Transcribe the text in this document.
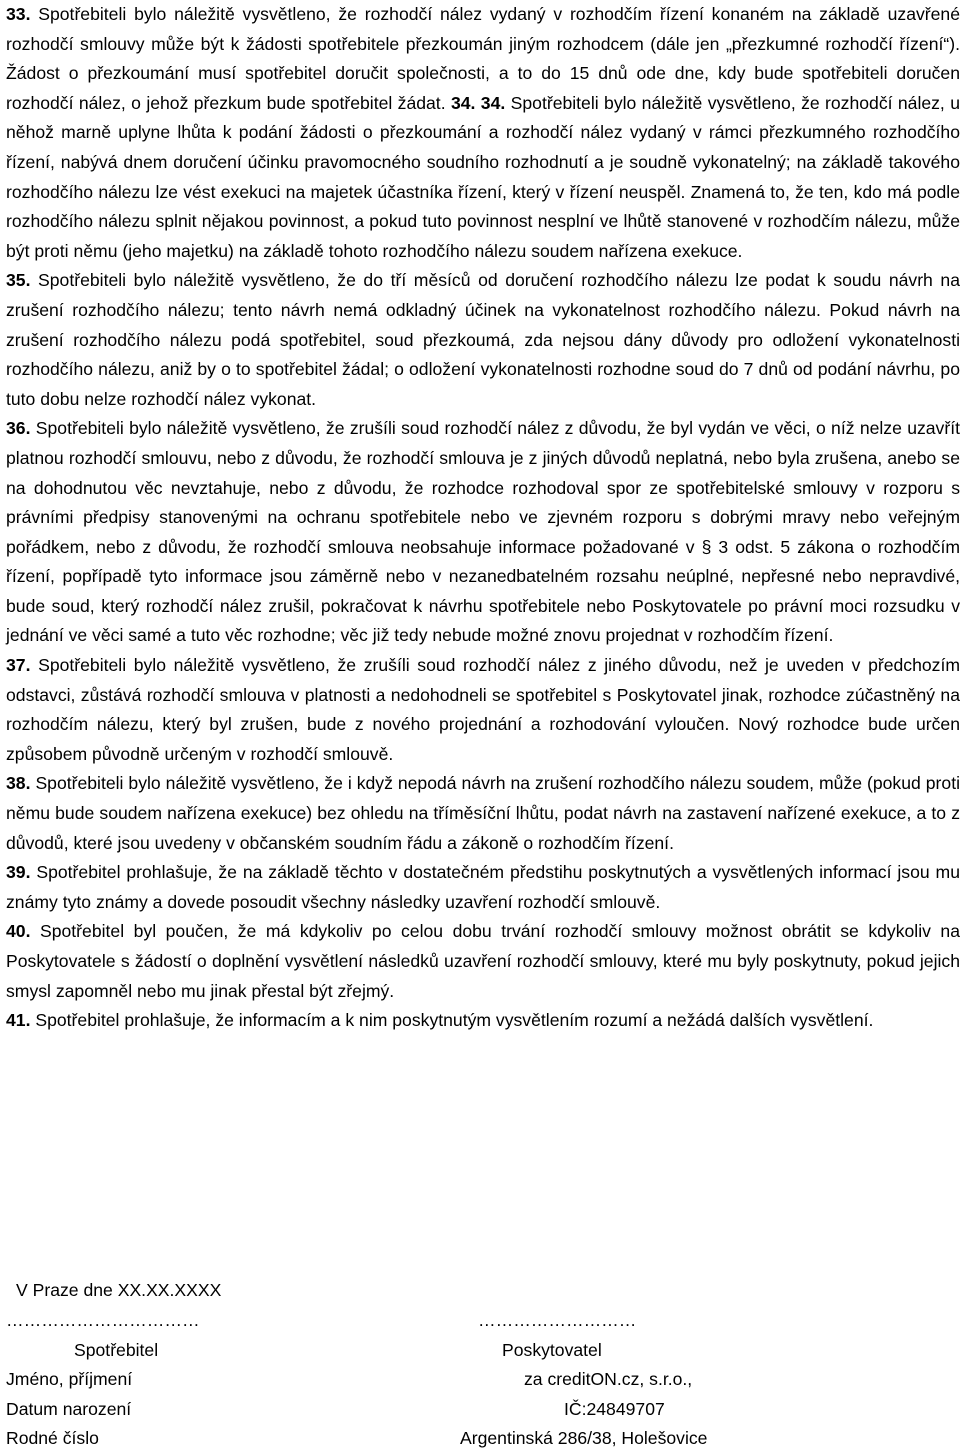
33. Spotřebiteli bylo náležitě vysvětleno, že rozhodčí nález vydaný v rozhodčím řízení konaném na základě uzavřené rozhodčí smlouvy může být k žádosti spotřebitele přezkoumán jiným rozhodcem (dále jen „přezkumné rozhodčí řízení“). Žádost o přezkoumání musí spotřebitel doručit společnosti, a to do 15 dnů ode dne, kdy bude spotřebiteli doručen rozhodčí nález, o jehož přezkum bude spotřebitel žádat. 34. 34. Spotřebiteli bylo náležitě vysvětleno, že rozhodčí nález, u něhož marně uplyne lhůta k podání žádosti o přezkoumání a rozhodčí nález vydaný v rámci přezkumného rozhodčího řízení, nabývá dnem doručení účinku pravomocného soudního rozhodnutí a je soudně vykonatelný; na základě takového rozhodčího nálezu lze vést exekuci na majetek účastníka řízení, který v řízení neuspěl. Znamená to, že ten, kdo má podle rozhodčího nálezu splnit nějakou povinnost, a pokud tuto povinnost nesplní ve lhůtě stanovené v rozhodčím nálezu, může být proti němu (jeho majetku) na základě tohoto rozhodčího nálezu soudem nařízena exekuce.

35. Spotřebiteli bylo náležitě vysvětleno, že do tří měsíců od doručení rozhodčího nálezu lze podat k soudu návrh na zrušení rozhodčího nálezu; tento návrh nemá odkladný účinek na vykonatelnost rozhodčího nálezu. Pokud návrh na zrušení rozhodčího nálezu podá spotřebitel, soud přezkoumá, zda nejsou dány důvody pro odložení vykonatelnosti rozhodčího nálezu, aniž by o to spotřebitel žádal; o odložení vykonatelnosti rozhodne soud do 7 dnů od podání návrhu, po tuto dobu nelze rozhodčí nález vykonat.

36. Spotřebiteli bylo náležitě vysvětleno, že zrušíli soud rozhodčí nález z důvodu, že byl vydán ve věci, o níž nelze uzavřít platnou rozhodčí smlouvu, nebo z důvodu, že rozhodčí smlouva je z jiných důvodů neplatná, nebo byla zrušena, anebo se na dohodnutou věc nevztahuje, nebo z důvodu, že rozhodce rozhodoval spor ze spotřebitelské smlouvy v rozporu s právními předpisy stanovenými na ochranu spotřebitele nebo ve zjevném rozporu s dobrými mravy nebo veřejným pořádkem, nebo z důvodu, že rozhodčí smlouva neobsahuje informace požadované v § 3 odst. 5 zákona o rozhodčím řízení, popřípadě tyto informace jsou záměrně nebo v nezanedbatelném rozsahu neúplné, nepřesné nebo nepravdivé, bude soud, který rozhodčí nález zrušil, pokračovat k návrhu spotřebitele nebo Poskytovatele po právní moci rozsudku v jednání ve věci samé a tuto věc rozhodne; věc již tedy nebude možné znovu projednat v rozhodčím řízení.

37. Spotřebiteli bylo náležitě vysvětleno, že zrušíli soud rozhodčí nález z jiného důvodu, než je uveden v předchozím odstavci, zůstává rozhodčí smlouva v platnosti a nedohodneli se spotřebitel s Poskytovatel jinak, rozhodce zúčastněný na rozhodčím nálezu, který byl zrušen, bude z nového projednání a rozhodování vyloučen. Nový rozhodce bude určen způsobem původně určeným v rozhodčí smlouvě.

38. Spotřebiteli bylo náležitě vysvětleno, že i když nepodá návrh na zrušení rozhodčího nálezu soudem, může (pokud proti němu bude soudem nařízena exekuce) bez ohledu na tříměsíční lhůtu, podat návrh na zastavení nařízené exekuce, a to z důvodů, které jsou uvedeny v občanském soudním řádu a zákoně o rozhodčím řízení.

39. Spotřebitel prohlašuje, že na základě těchto v dostatečném předstihu poskytnutých a vysvětlených informací jsou mu známy tyto známy a dovede posoudit všechny následky uzavření rozhodčí smlouvě.

40. Spotřebitel byl poučen, že má kdykoliv po celou dobu trvání rozhodčí smlouvy možnost obrátit se kdykoliv na Poskytovatele s žádostí o doplnění vysvětlení následků uzavření rozhodčí smlouvy, které mu byly poskytnuty, pokud jejich smysl zapomněl nebo mu jinak přestal být zřejmý.

41. Spotřebitel prohlašuje, že informacím a k nim poskytnutým vysvětlením rozumí a nežádá dalších vysvětlení.

V Praze dne XX.XX.XXXX
……………………………
Spotřebitel
Jméno, příjmení
Datum narození
Rodné číslo
………………………
Poskytovatel
za creditON.cz, s.r.o.,
IČ:24849707
Argentinská 286/38, Holešovice
